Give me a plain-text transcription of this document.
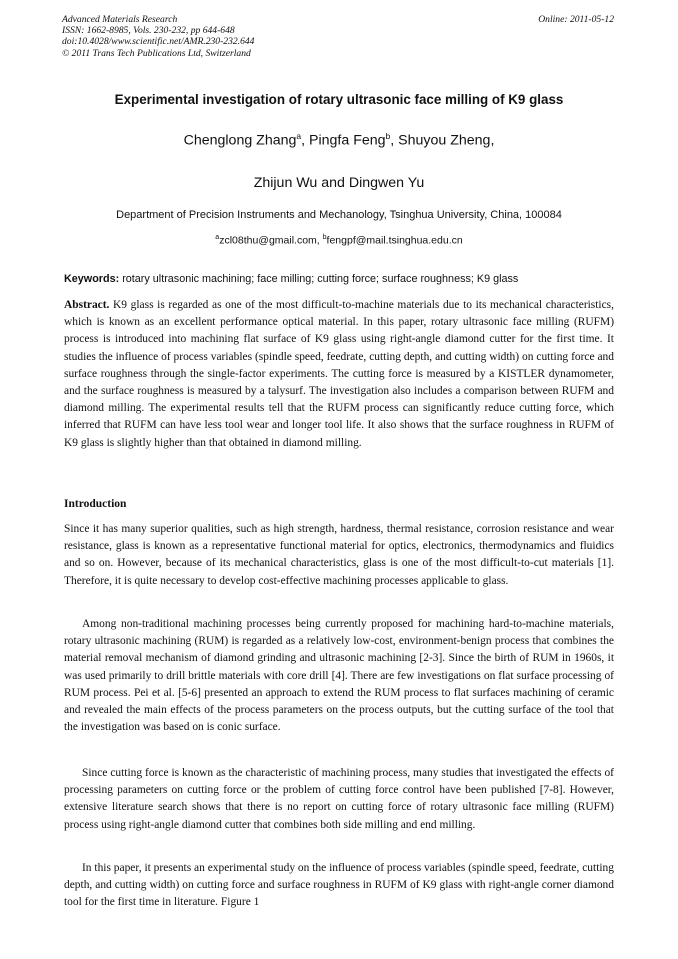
Advanced Materials Research
ISSN: 1662-8985, Vols. 230-232, pp 644-648
doi:10.4028/www.scientific.net/AMR.230-232.644
© 2011 Trans Tech Publications Ltd, Switzerland
Online: 2011-05-12
Experimental investigation of rotary ultrasonic face milling of K9 glass
Chenglong Zhang$^a$, Pingfa Feng$^b$, Shuyou Zheng,
Zhijun Wu and Dingwen Yu
Department of Precision Instruments and Mechanology, Tsinghua University, China, 100084
$^a$zcl08thu@gmail.com, $^b$fengpf@mail.tsinghua.edu.cn
Keywords: rotary ultrasonic machining; face milling; cutting force; surface roughness; K9 glass

Abstract. K9 glass is regarded as one of the most difficult-to-machine materials due to its mechanical characteristics, which is known as an excellent performance optical material. In this paper, rotary ultrasonic face milling (RUFM) process is introduced into machining flat surface of K9 glass using right-angle diamond cutter for the first time. It studies the influence of process variables (spindle speed, feedrate, cutting depth, and cutting width) on cutting force and surface roughness through the single-factor experiments. The cutting force is measured by a KISTLER dynamometer, and the surface roughness is measured by a talysurf. The investigation also includes a comparison between RUFM and diamond milling. The experimental results tell that the RUFM process can significantly reduce cutting force, which inferred that RUFM can have less tool wear and longer tool life. It also shows that the surface roughness in RUFM of K9 glass is slightly higher than that obtained in diamond milling.

Introduction

Since it has many superior qualities, such as high strength, hardness, thermal resistance, corrosion resistance and wear resistance, glass is known as a representative functional material for optics, electronics, thermodynamics and fluidics and so on. However, because of its mechanical characteristics, glass is one of the most difficult-to-cut materials [1]. Therefore, it is quite necessary to develop cost-effective machining processes applicable to glass.

Among non-traditional machining processes being currently proposed for machining hard-to-machine materials, rotary ultrasonic machining (RUM) is regarded as a relatively low-cost, environment-benign process that combines the material removal mechanism of diamond grinding and ultrasonic machining [2-3]. Since the birth of RUM in 1960s, it was used primarily to drill brittle materials with core drill [4]. There are few investigations on flat surface processing of RUM process. Pei et al. [5-6] presented an approach to extend the RUM process to flat surfaces machining of ceramic and revealed the main effects of the process parameters on the process outputs, but the cutting surface of the tool that the investigation was based on is conic surface.

Since cutting force is known as the characteristic of machining process, many studies that investigated the effects of processing parameters on cutting force or the problem of cutting force control have been published [7-8]. However, extensive literature search shows that there is no report on cutting force of rotary ultrasonic face milling (RUFM) process using right-angle diamond cutter that combines both side milling and end milling.

In this paper, it presents an experimental study on the influence of process variables (spindle speed, feedrate, cutting depth, and cutting width) on cutting force and surface roughness in RUFM of K9 glass with right-angle corner diamond tool for the first time in literature. Figure 1
